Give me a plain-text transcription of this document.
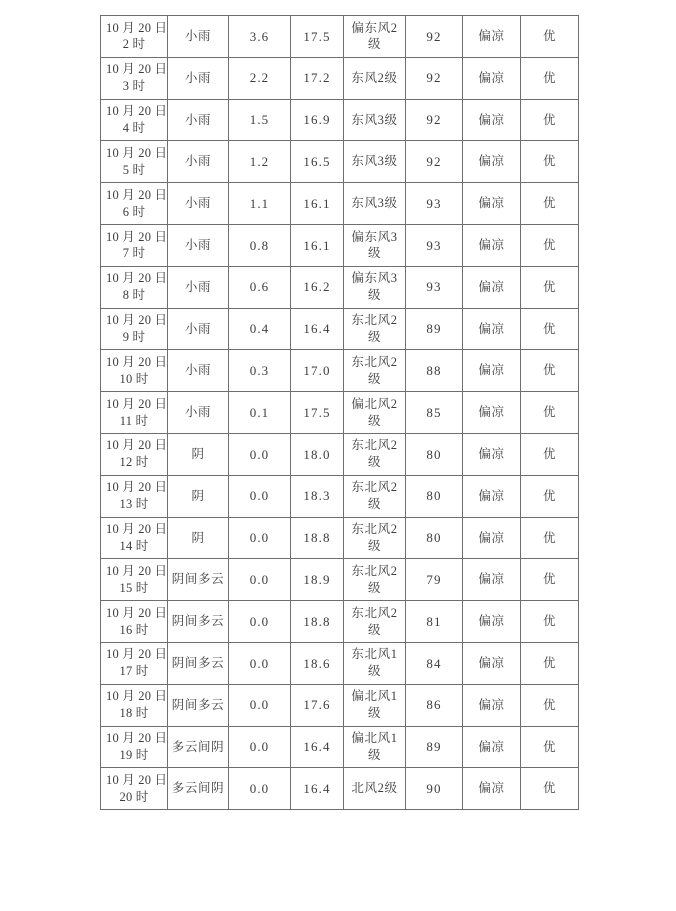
10 月 20 日
2 时	小雨	3.6	17.5	偏东风2级	92	偏凉	优

10 月 20 日
3 时	小雨	2.2	17.2	东风2级	92	偏凉	优

10 月 20 日
4 时	小雨	1.5	16.9	东风3级	92	偏凉	优

10 月 20 日
5 时	小雨	1.2	16.5	东风3级	92	偏凉	优

10 月 20 日
6 时	小雨	1.1	16.1	东风3级	93	偏凉	优

10 月 20 日
7 时	小雨	0.8	16.1	偏东风3级	93	偏凉	优

10 月 20 日
8 时	小雨	0.6	16.2	偏东风3级	93	偏凉	优

10 月 20 日
9 时	小雨	0.4	16.4	东北风2级	89	偏凉	优

10 月 20 日
10 时	小雨	0.3	17.0	东北风2级	88	偏凉	优

10 月 20 日
11 时	小雨	0.1	17.5	偏北风2级	85	偏凉	优

10 月 20 日
12 时	阴	0.0	18.0	东北风2级	80	偏凉	优

10 月 20 日
13 时	阴	0.0	18.3	东北风2级	80	偏凉	优

10 月 20 日
14 时	阴	0.0	18.8	东北风2级	80	偏凉	优

10 月 20 日
15 时	阴间多云	0.0	18.9	东北风2级	79	偏凉	优

10 月 20 日
16 时	阴间多云	0.0	18.8	东北风2级	81	偏凉	优

10 月 20 日
17 时	阴间多云	0.0	18.6	东北风1级	84	偏凉	优

10 月 20 日
18 时	阴间多云	0.0	17.6	偏北风1级	86	偏凉	优

10 月 20 日
19 时	多云间阴	0.0	16.4	偏北风1级	89	偏凉	优

10 月 20 日
20 时	多云间阴	0.0	16.4	北风2级	90	偏凉	优
